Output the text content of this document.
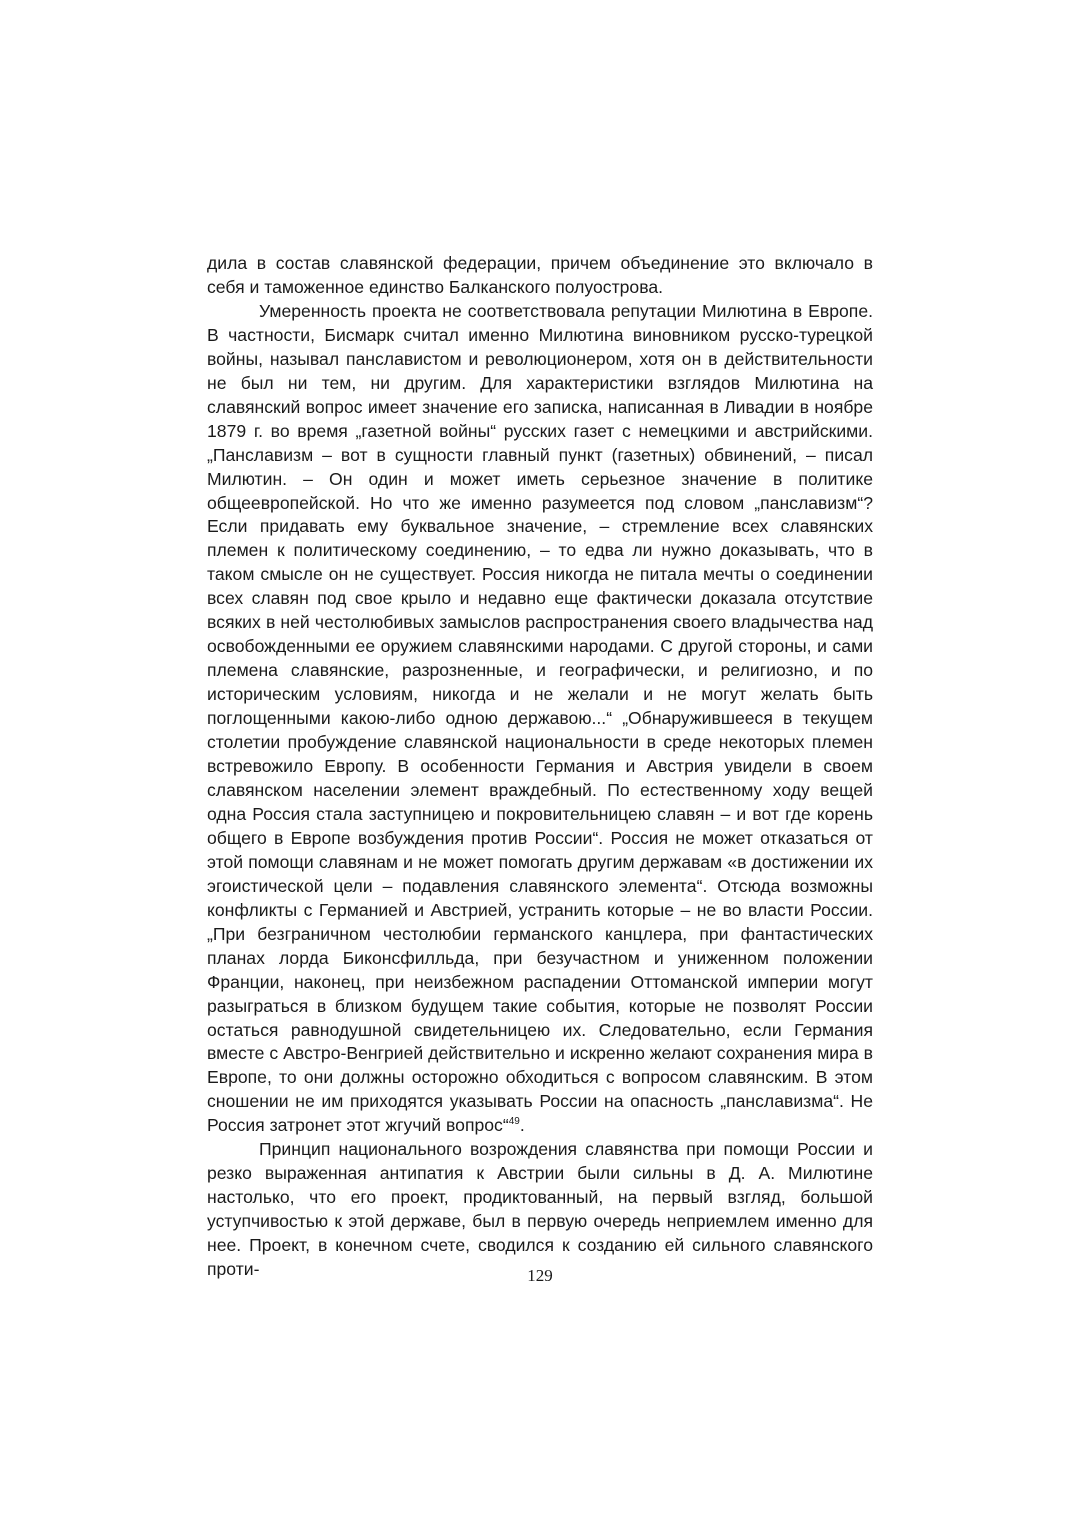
дила в состав славянской федерации, причем объединение это включало в себя и таможенное единство Балканского полуострова.

Умеренность проекта не соответствовала репутации Милютина в Европе. В частности, Бисмарк считал именно Милютина виновником русско-турецкой войны, называл панславистом и революционером, хотя он в действительности не был ни тем, ни другим. Для характеристики взглядов Милютина на славянский вопрос имеет значение его записка, написанная в Ливадии в ноябре 1879 г. во время „газетной войны“ русских газет с немецкими и австрийскими. „Панславизм – вот в сущности главный пункт (газетных) обвинений, – писал Милютин. – Он один и может иметь серьезное значение в политике общеевропейской. Но что же именно разумеется под словом „панславизм“? Если придавать ему буквальное значение, – стремление всех славянских племен к политическому соединению, – то едва ли нужно доказывать, что в таком смысле он не существует. Россия никогда не питала мечты о соединении всех славян под свое крыло и недавно еще фактически доказала отсутствие всяких в ней честолюбивых замыслов распространения своего владычества над освобожденными ее оружием славянскими народами. С другой стороны, и сами племена славянские, разрозненные, и географически, и религиозно, и по историческим условиям, никогда и не желали и не могут желать быть поглощенными какою-либо одною державою...“ „Обнаружившееся в текущем столетии пробуждение славянской национальности в среде некоторых племен встревожило Европу. В особенности Германия и Австрия увидели в своем славянском населении элемент враждебный. По естественному ходу вещей одна Россия стала заступницею и покровительницею славян – и вот где корень общего в Европе возбуждения против России“. Россия не может отказаться от этой помощи славянам и не может помогать другим державам «в достижении их эгоистической цели – подавления славянского элемента“. Отсюда возможны конфликты с Германией и Австрией, устранить которые – не во власти России. „При безграничном честолюбии германского канцлера, при фантастических планах лорда Биконсфилльда, при безучастном и униженном положении Франции, наконец, при неизбежном распадении Оттоманской империи могут разыграться в близком будущем такие события, которые не позволят России остаться равнодушной свидетельницею их. Следовательно, если Германия вместе с Австро-Венгрией действительно и искренно желают сохранения мира в Европе, то они должны осторожно обходиться с вопросом славянским. В этом сношении не им приходятся указывать России на опасность „панславизма“. Не Россия затронет этот жгучий вопрос“$^{49}$.

Принцип национального возрождения славянства при помощи России и резко выраженная антипатия к Австрии были сильны в Д. А. Милютине настолько, что его проект, продиктованный, на первый взгляд, большой уступчивостью к этой державе, был в первую очередь неприемлем именно для нее. Проект, в конечном счете, сводился к созданию ей сильного славянского проти-	129
